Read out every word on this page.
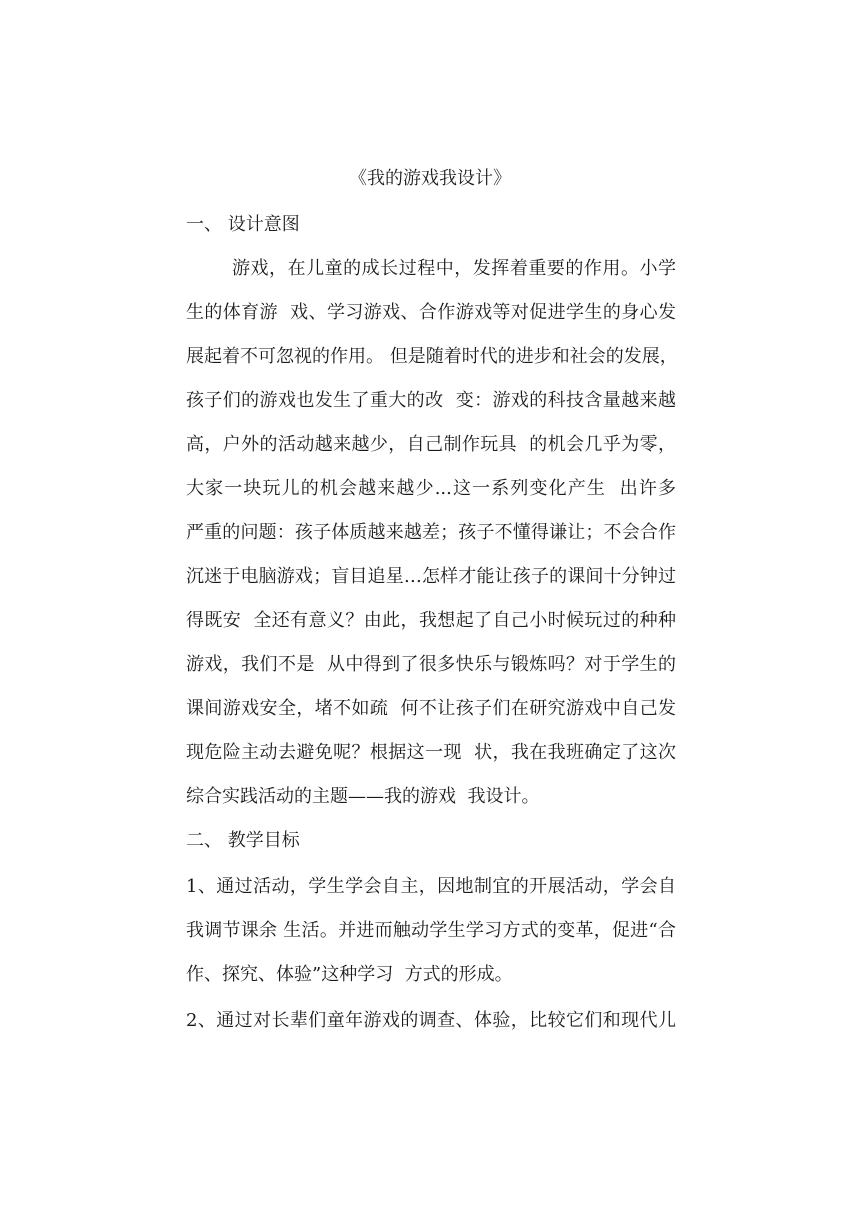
《我的游戏我设计》
一、 设计意图
游戏，在儿童的成长过程中，发挥着重要的作用。小学
生的体育游  戏、学习游戏、合作游戏等对促进学生的身心发
展起着不可忽视的作用。 但是随着时代的进步和社会的发展，
孩子们的游戏也发生了重大的改  变：游戏的科技含量越来越
高，户外的活动越来越少，自己制作玩具  的机会几乎为零，
大家一块玩儿的机会越来越少...这一系列变化产生  出许多
严重的问题：孩子体质越来越差；孩子不懂得谦让；不会合作
沉迷于电脑游戏；盲目追星…怎样才能让孩子的课间十分钟过
得既安  全还有意义？由此，我想起了自己小时候玩过的种种
游戏，我们不是  从中得到了很多快乐与锻炼吗？对于学生的
课间游戏安全，堵不如疏  何不让孩子们在研究游戏中自己发
现危险主动去避免呢？根据这一现  状，我在我班确定了这次
综合实践活动的主题——我的游戏  我设计。
二、 教学目标
1、通过活动，学生学会自主，因地制宜的开展活动，学会自
我调节课余 生活。并进而触动学生学习方式的变革，促进“合
作、探究、体验”这种学习  方式的形成。
2、通过对长辈们童年游戏的调查、体验，比较它们和现代儿
